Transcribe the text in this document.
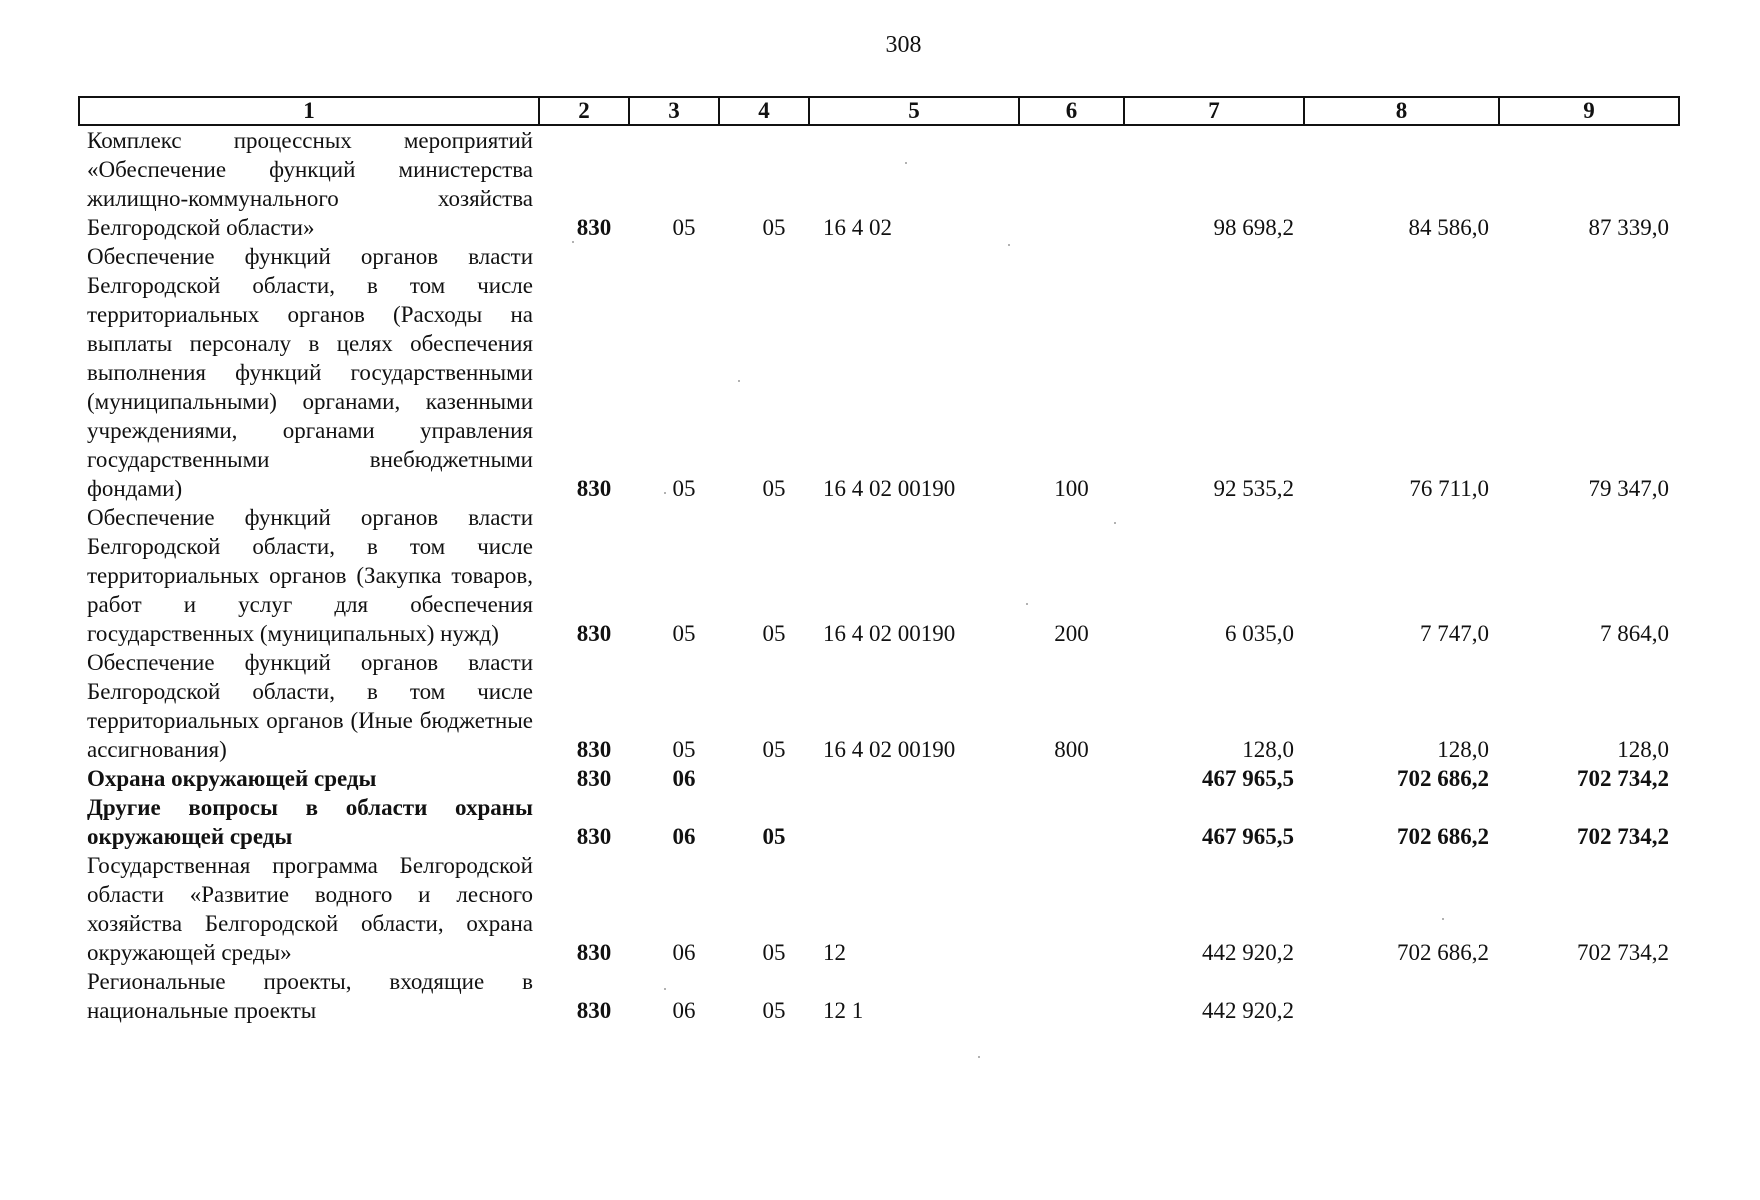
308
1	2	3	4	5	6	7	8	9

Комплекс процессных мероприятий «Обеспечение функций министерства жилищно-коммунального хозяйства Белгородской области»	830	05	05	16 4 02		98 698,2	84 586,0	87 339,0

Обеспечение функций органов власти Белгородской области, в том числе территориальных органов (Расходы на выплаты персоналу в целях обеспечения выполнения функций государственными (муниципальными) органами, казенными учреждениями, органами управления государственными внебюджетными фондами)	830	05	05	16 4 02 00190	100	92 535,2	76 711,0	79 347,0

Обеспечение функций органов власти Белгородской области, в том числе территориальных органов (Закупка товаров, работ и услуг для обеспечения государственных (муниципальных) нужд)	830	05	05	16 4 02 00190	200	6 035,0	7 747,0	7 864,0

Обеспечение функций органов власти Белгородской области, в том числе территориальных органов (Иные бюджетные ассигнования)	830	05	05	16 4 02 00190	800	128,0	128,0	128,0

Охрана окружающей среды	830	06				467 965,5	702 686,2	702 734,2

Другие вопросы в области охраны окружающей среды	830	06	05			467 965,5	702 686,2	702 734,2

Государственная программа Белгородской области «Развитие водного и лесного хозяйства Белгородской области, охрана окружающей среды»	830	06	05	12		442 920,2	702 686,2	702 734,2

Региональные проекты, входящие в национальные проекты	830	06	05	12 1		442 920,2		
